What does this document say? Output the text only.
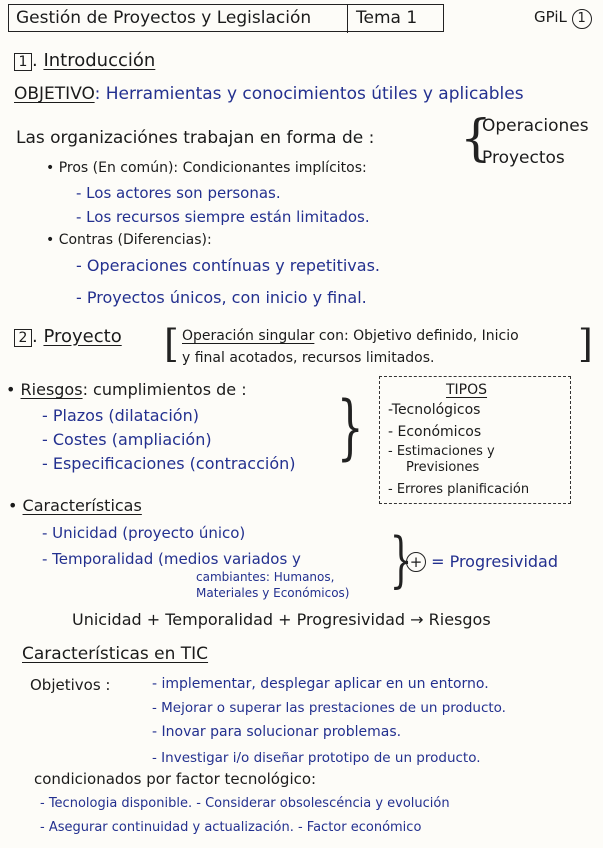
Gestión de Proyectos y Legislación	Tema 1	GPiL 1
1 . Introducción
OBJETIVO: Herramientas y conocimientos útiles y aplicables
Las organizaciónes trabajan en forma de : {
Operaciones
Proyectos
• Pros (En común): Condicionantes implícitos:
- Los actores son personas.
- Los recursos siempre están limitados.
• Contras (Diferencias):
- Operaciones contínuas y repetitivas.
- Proyectos únicos, con inicio y final.
2 . Proyecto [ Operación singular con: Objetivo definido, Inicio
y final acotados, recursos limitados.	]
• Riesgos: cumplimientos de :
- Plazos (dilatación)
- Costes (ampliación)
- Especificaciones (contracción) }	TIPOS
-Tecnológicos
- Económicos
- Estimaciones y
Previsiones
- Errores planificación
• Características
- Unicidad (proyecto único)
- Temporalidad (medios variados y
cambiantes: Humanos,
Materiales y Económicos) }
+ = Progresividad
Unicidad + Temporalidad + Progresividad → Riesgos
Características en TIC
Objetivos :	- implementar, desplegar aplicar en un entorno.
- Mejorar o superar las prestaciones de un producto.
- Inovar para solucionar problemas.
- Investigar i/o diseñar prototipo de un producto.
condicionados por factor tecnológico:
- Tecnologia disponible. - Considerar obsolescéncia y evolución
- Asegurar continuidad y actualización. - Factor económico
